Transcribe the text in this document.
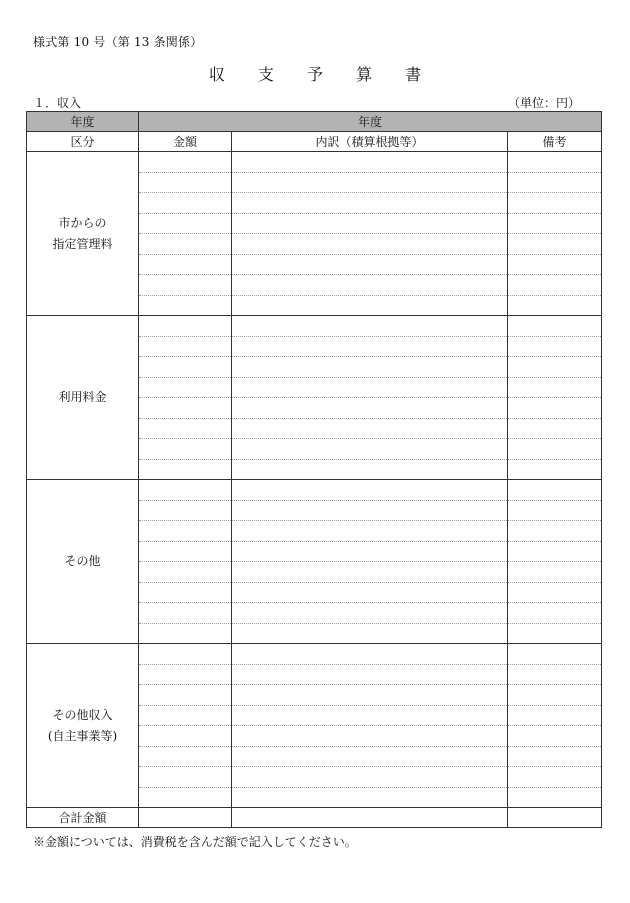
様式第 10 号（第 13 条関係）
収 支 予 算 書
１．収入	（単位：円）
年度	年度		
区分	金額	内訳（積算根拠等）	備考

市からの
指定管理料			

利用料金			

その他			

その他収入
(自主事業等)			

合計金額			
※金額については、消費税を含んだ額で記入してください。
